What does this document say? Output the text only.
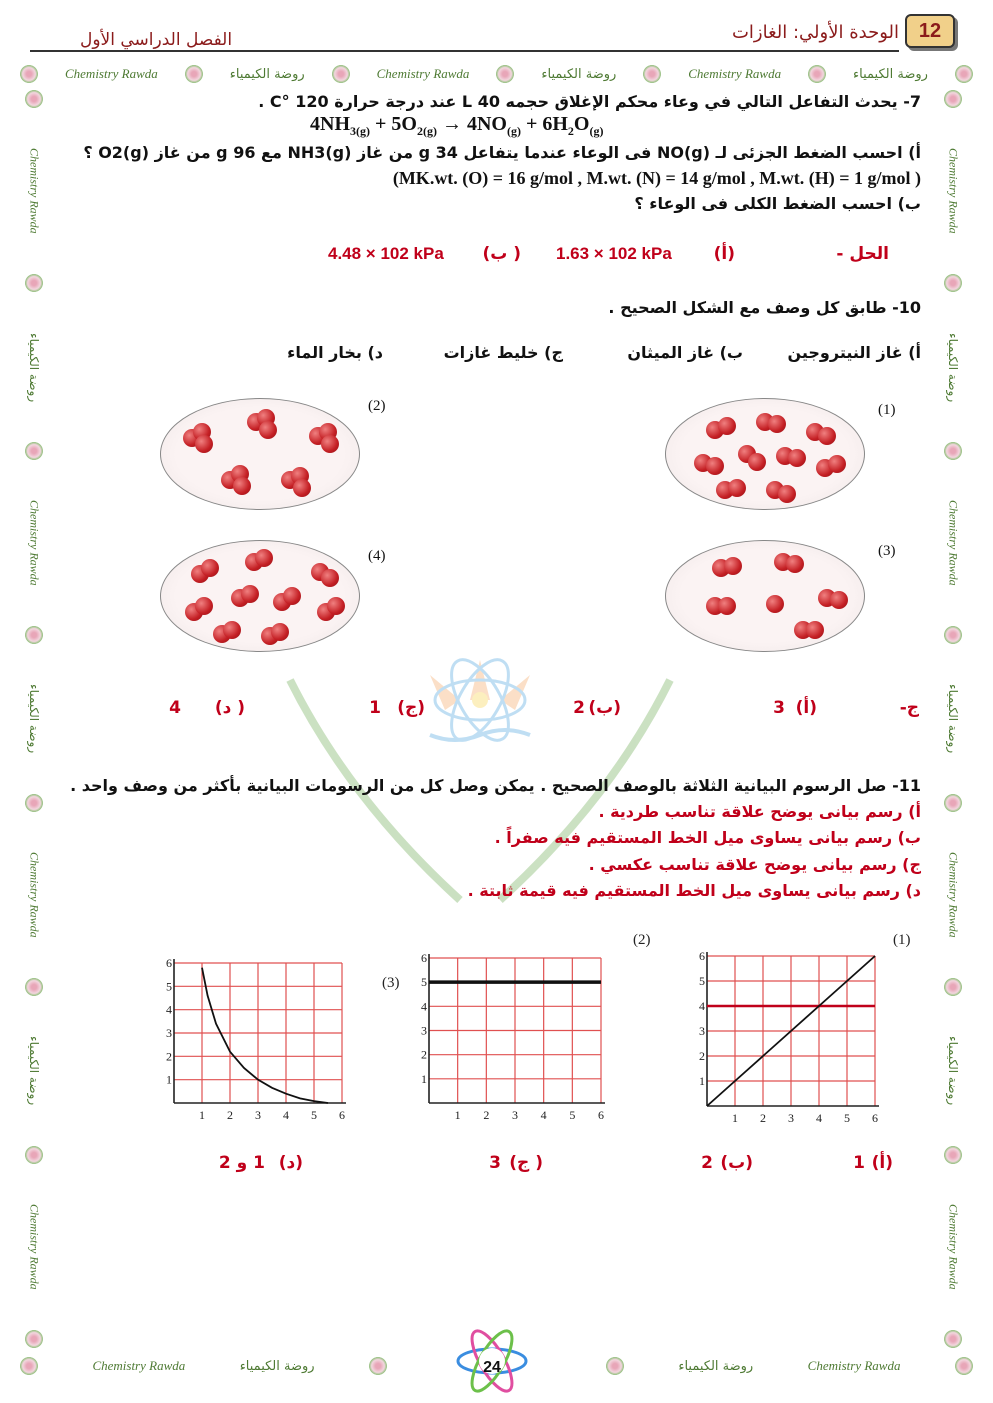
12
الوحدة الأولي: الغازات
الفصل الدراسي الأول
Chemistry Rawda	روضة الكيمياء	Chemistry Rawda	روضة الكيمياء	Chemistry Rawda	روضة الكيمياء
Chemistry Rawda
روضة الكيمياء
Chemistry Rawda
روضة الكيمياء
Chemistry Rawda
روضة الكيمياء
Chemistry Rawda
Chemistry Rawda
روضة الكيمياء
Chemistry Rawda
روضة الكيمياء
Chemistry Rawda
روضة الكيمياء
Chemistry Rawda
Chemistry Rawda	روضة الكيمياء	روضة الكيمياء	Chemistry Rawda
7- يحدث التفاعل التالي في وعاء محكم الإغلاق حجمه 40 L عند درجة حرارة 120 °C .
$4NH_{3(g)} + 5O_{2(g)} \to 4NO_{(g)} + 6H_2O_{(g)}$
أ) احسب الضغط الجزئى لـ NO(g) فى الوعاء عندما يتفاعل 34 g من غاز NH3(g) مع 96 g من غاز O2(g) ؟
(MK.wt. (O) = 16 g/mol , M.wt. (N) = 14 g/mol , M.wt. (H) = 1 g/mol )
ب) احسب الضغط الكلى فى الوعاء ؟
الحل -
(أ)
1.63 × 102 kPa
( ب)
4.48 × 102 kPa
10- طابق كل وصف مع الشكل الصحيح .
أ) غاز النيتروجين
ب) غاز الميثان
ج) خليط غازات
د) بخار الماء
(1)
(2)
(3)
(4)
ج-
(أ)
3
(ب)
2
(ج)
1
( د)
4
11- صل الرسوم البيانية الثلاثة بالوصف الصحيح . يمكن وصل كل من الرسومات البيانية بأكثر من وصف واحد .
أ) رسم بيانى يوضح علاقة تناسب طردية .
ب) رسم بيانى يساوى ميل الخط المستقيم فيه صفراً .
ج) رسم بيانى يوضح علاقة تناسب عكسي .
د) رسم بيانى يساوى ميل الخط المستقيم فيه قيمة ثابتة .
1 2 3 4 5 6
1
2
3
4
5
6
(1)
1 2 3 4 5 6
1
2
3
4
5
6
(2)
1 2 3 4 5 6
1
2
3
4
5
6
(3)
(أ)
1
(ب)
2
( ج)
3
(د)
1 و 2
24
